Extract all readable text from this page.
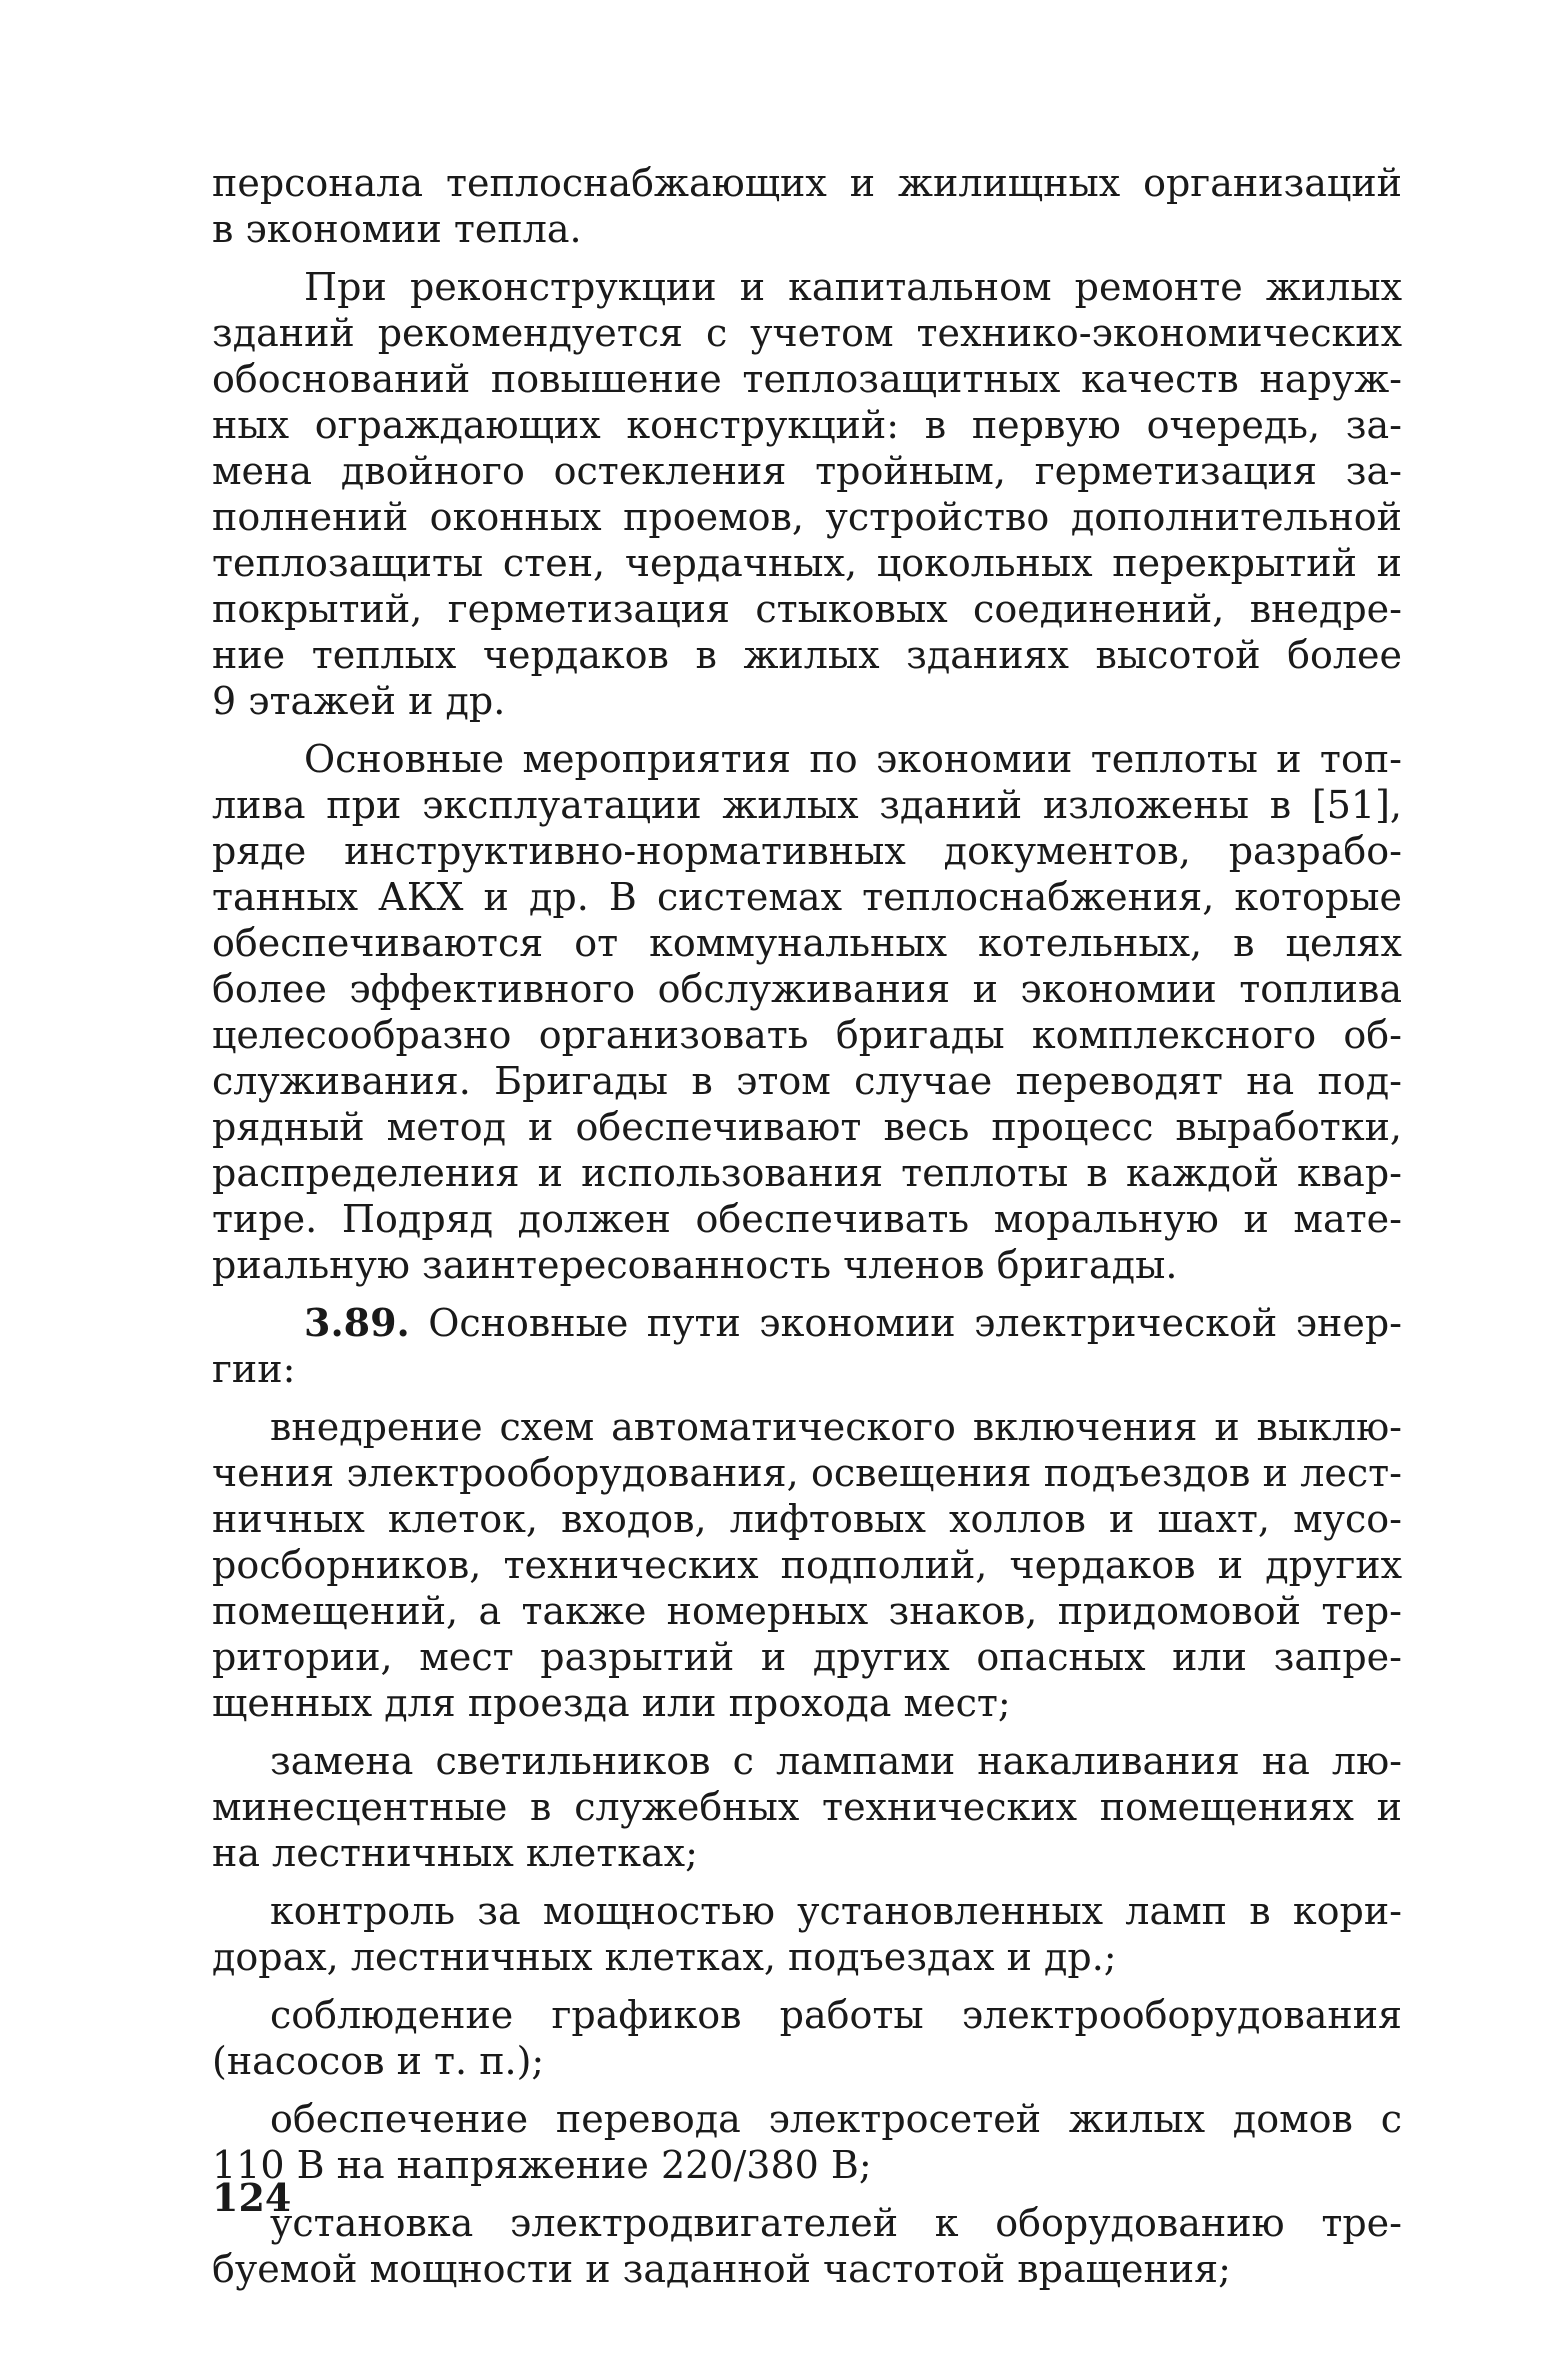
персонала теплоснабжающих и жилищных организаций
в экономии тепла.
При реконструкции и капитальном ремонте жилых
зданий рекомендуется с учетом технико-экономических
обоснований повышение теплозащитных качеств наруж-
ных ограждающих конструкций: в первую очередь, за-
мена двойного остекления тройным, герметизация за-
полнений оконных проемов, устройство дополнительной
теплозащиты стен, чердачных, цокольных перекрытий и
покрытий, герметизация стыковых соединений, внедре-
ние теплых чердаков в жилых зданиях высотой более
9 этажей и др.
Основные мероприятия по экономии теплоты и топ-
лива при эксплуатации жилых зданий изложены в [51],
ряде инструктивно-нормативных документов, разрабо-
танных АКХ и др. В системах теплоснабжения, которые
обеспечиваются от коммунальных котельных, в целях
более эффективного обслуживания и экономии топлива
целесообразно организовать бригады комплексного об-
служивания. Бригады в этом случае переводят на под-
рядный метод и обеспечивают весь процесс выработки,
распределения и использования теплоты в каждой квар-
тире. Подряд должен обеспечивать моральную и мате-
риальную заинтересованность членов бригады.
3.89. Основные пути экономии электрической энер-
гии:
внедрение схем автоматического включения и выклю-
чения электрооборудования, освещения подъездов и лест-
ничных клеток, входов, лифтовых холлов и шахт, мусо-
росборников, технических подполий, чердаков и других
помещений, а также номерных знаков, придомовой тер-
ритории, мест разрытий и других опасных или запре-
щенных для проезда или прохода мест;
замена светильников с лампами накаливания на лю-
минесцентные в служебных технических помещениях и
на лестничных клетках;
контроль за мощностью установленных ламп в кори-
дорах, лестничных клетках, подъездах и др.;
соблюдение графиков работы электрооборудования
(насосов и т. п.);
обеспечение перевода электросетей жилых домов с
110 В на напряжение 220/380 В;
установка электродвигателей к оборудованию тре-
буемой мощности и заданной частотой вращения;
124
